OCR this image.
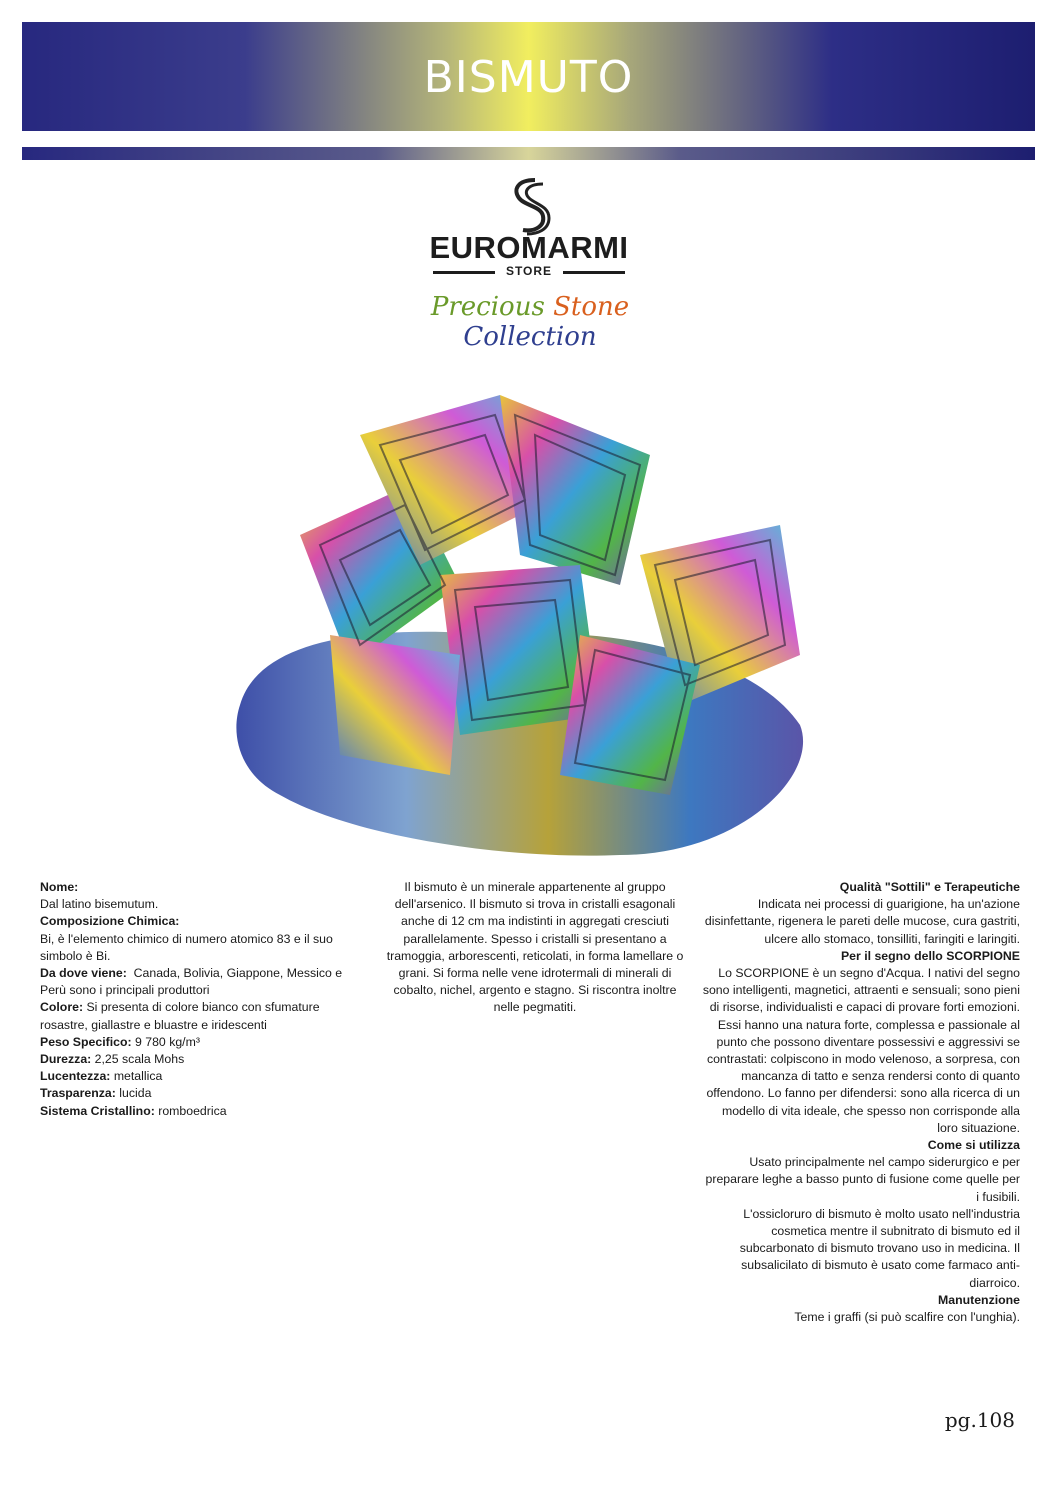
BISMUTO
EUROMARMI
STORE
Precious Stone Collection

Nome:

Dal latino bisemutum.

Composizione Chimica:

Bi, è l'elemento chimico di numero atomico 83 e il suo simbolo è Bi.

Da dove viene: Canada, Bolivia, Giappone, Messico e Perù sono i principali produttori

Colore: Si presenta di colore bianco con sfumature rosastre, giallastre e bluastre e iridescenti

Peso Specifico: 9 780 kg/m³

Durezza: 2,25 scala Mohs

Lucentezza: metallica

Trasparenza: lucida

Sistema Cristallino: romboedrica

Il bismuto è un minerale appartenente al gruppo dell'arsenico. Il bismuto si trova in cristalli esagonali anche di 12 cm ma indistinti in aggregati cresciuti parallelamente. Spesso i cristalli si presentano a tramoggia, arborescenti, reticolati, in forma lamellare o grani. Si forma nelle vene idrotermali di minerali di cobalto, nichel, argento e stagno. Si riscontra inoltre nelle pegmatiti.

Qualità "Sottili" e Terapeutiche

Indicata nei processi di guarigione, ha un'azione disinfettante, rigenera le pareti delle mucose, cura gastriti, ulcere allo stomaco, tonsilliti, faringiti e laringiti.

Per il segno dello SCORPIONE

Lo SCORPIONE è un segno d'Acqua. I nativi del segno sono intelligenti, magnetici, attraenti e sensuali; sono pieni di risorse, individualisti e capaci di provare forti emozioni. Essi hanno una natura forte, complessa e passionale al punto che possono diventare possessivi e aggressivi se contrastati: colpiscono in modo velenoso, a sorpresa, con mancanza di tatto e senza rendersi conto di quanto offendono. Lo fanno per difendersi: sono alla ricerca di un modello di vita ideale, che spesso non corrisponde alla loro situazione.

Come si utilizza

Usato principalmente nel campo siderurgico e per preparare leghe a basso punto di fusione come quelle per i fusibili.

L'ossicloruro di bismuto è molto usato nell'industria cosmetica mentre il subnitrato di bismuto ed il subcarbonato di bismuto trovano uso in medicina. Il subsalicilato di bismuto è usato come farmaco anti-diarroico.

Manutenzione

Teme i graffi (si può scalfire con l'unghia).

pg.108
